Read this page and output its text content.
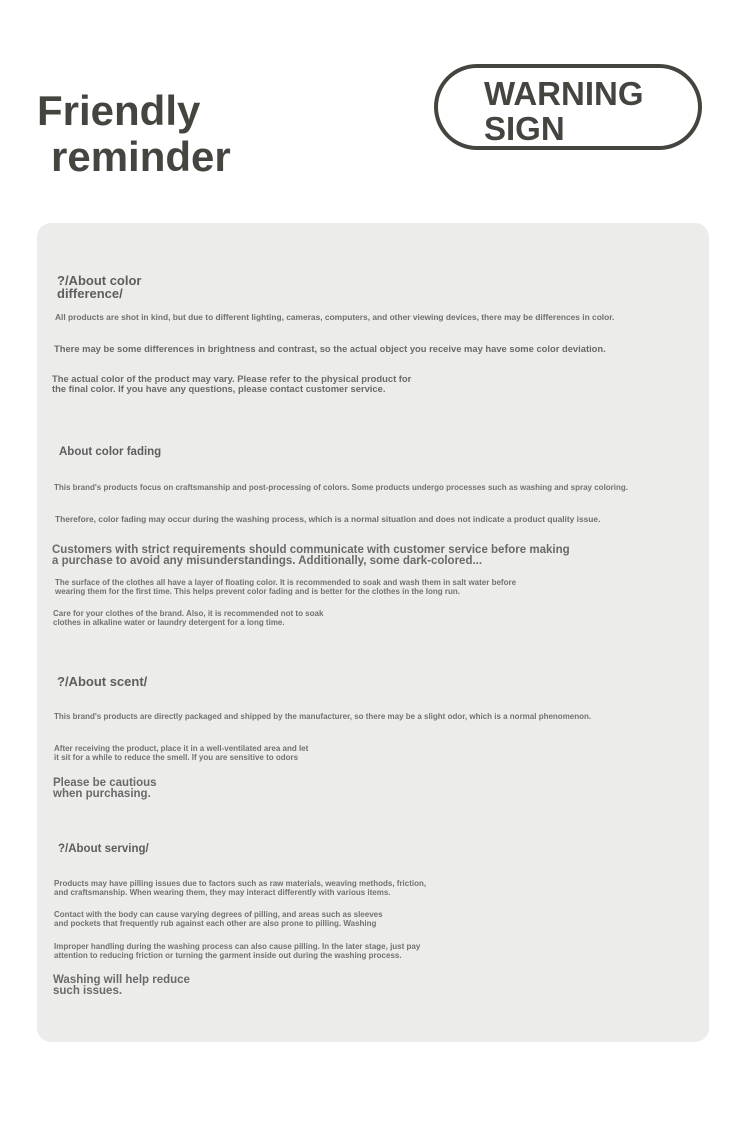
Friendly
reminder
WARNING
SIGN
?/About color
difference/
All products are shot in kind, but due to different lighting, cameras, computers, and other viewing devices, there may be differences in color.
There may be some differences in brightness and contrast, so the actual object you receive may have some color deviation.
The actual color of the product may vary. Please refer to the physical product for
the final color. If you have any questions, please contact customer service.
About color fading
This brand's products focus on craftsmanship and post-processing of colors. Some products undergo processes such as washing and spray coloring.
Therefore, color fading may occur during the washing process, which is a normal situation and does not indicate a product quality issue.
Customers with strict requirements should communicate with customer service before making
a purchase to avoid any misunderstandings. Additionally, some dark-colored...
The surface of the clothes all have a layer of floating color. It is recommended to soak and wash them in salt water before
wearing them for the first time. This helps prevent color fading and is better for the clothes in the long run.
Care for your clothes of the brand. Also, it is recommended not to soak
clothes in alkaline water or laundry detergent for a long time.
?/About scent/
This brand's products are directly packaged and shipped by the manufacturer, so there may be a slight odor, which is a normal phenomenon.
After receiving the product, place it in a well-ventilated area and let
it sit for a while to reduce the smell. If you are sensitive to odors
Please be cautious
when purchasing.
?/About serving/
Products may have pilling issues due to factors such as raw materials, weaving methods, friction,
and craftsmanship. When wearing them, they may interact differently with various items.
Contact with the body can cause varying degrees of pilling, and areas such as sleeves
and pockets that frequently rub against each other are also prone to pilling. Washing
Improper handling during the washing process can also cause pilling. In the later stage, just pay
attention to reducing friction or turning the garment inside out during the washing process.
Washing will help reduce
such issues.
